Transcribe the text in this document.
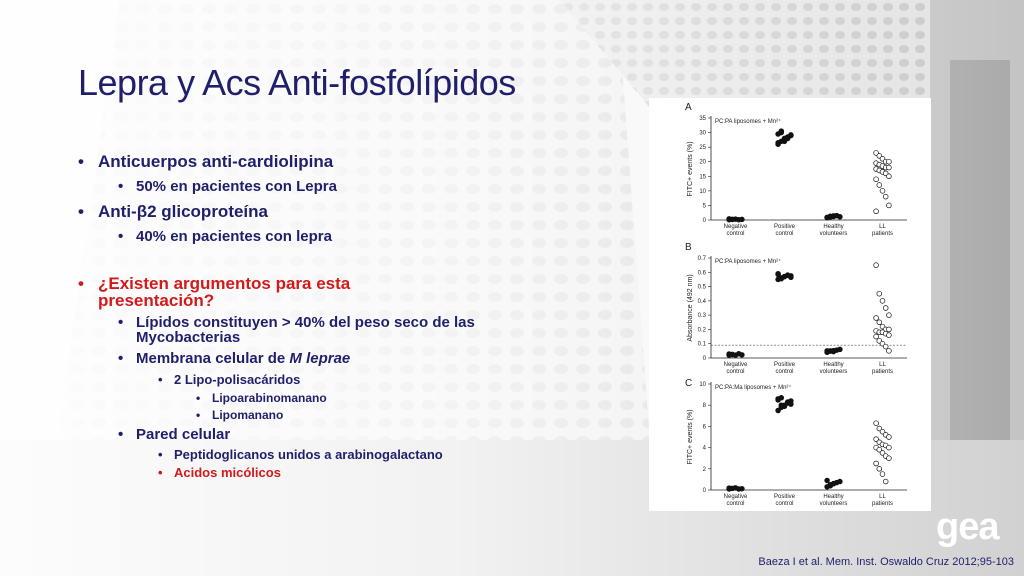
Lepra y Acs Anti-fosfolípidos
• Anticuerpos anti-cardiolipina
• 50% en pacientes con Lepra
• Anti-β2 glicoproteína
• 40% en pacientes con lepra
• ¿Existen argumentos para esta presentación?
• Lípidos constituyen > 40% del peso seco de las Mycobacterias
• Membrana celular de M leprae
• 2 Lipo-polisacáridos
• Lipoarabinomanano
• Lipomanano
• Pared celular
• Peptidoglicanos unidos a arabinogalactano
• Acidos micólicos
A
PC:PA liposomes + Mn²⁺
0
5
10
15
20
25
30
35
FITC+ events (%)
Negative
control
Positive
control
Healthy
volunteers
LL
patients
B
PC:PA liposomes + Mn²⁺
0
0.1
0.2
0.3
0.4
0.5
0.6
0.7
Absorbance (492 nm)
Negative
control
Positive
control
Healthy
volunteers
LL
patients
C	PC:PA:Ma liposomes + Mn²⁺
0
2
4
6
8
10
FITC+ events (%)
Negative
control
Positive
control
Healthy
volunteers
LL
patients
gea
Baeza I et al. Mem. Inst. Oswaldo Cruz 2012;95-103
